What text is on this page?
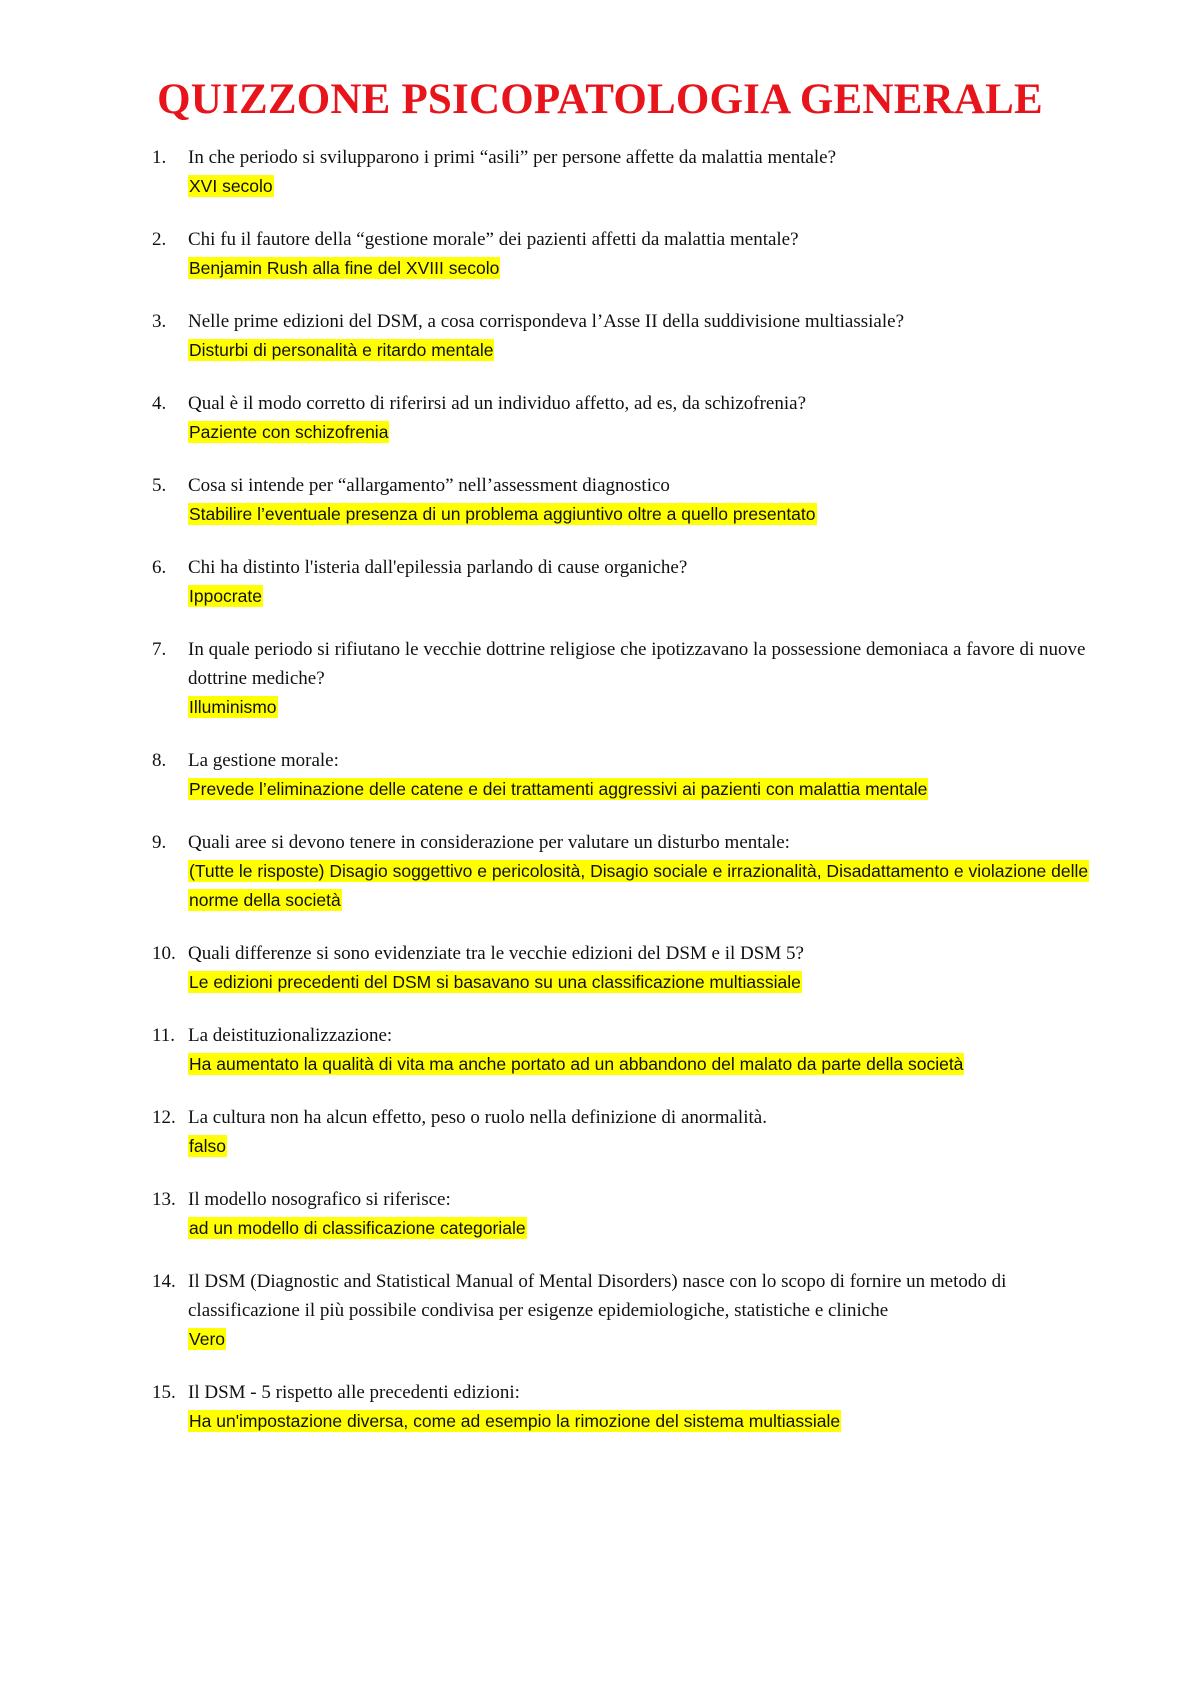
QUIZZONE PSICOPATOLOGIA GENERALE
1.	In che periodo si svilupparono i primi “asili” per persone affette da malattia mentale?
XVI secolo
2.	Chi fu il fautore della “gestione morale” dei pazienti affetti da malattia mentale?
Benjamin Rush alla fine del XVIII secolo
3.	Nelle prime edizioni del DSM, a cosa corrispondeva l’Asse II della suddivisione multiassiale?
Disturbi di personalità e ritardo mentale
4.	Qual è il modo corretto di riferirsi ad un individuo affetto, ad es, da schizofrenia?
Paziente con schizofrenia
5.	Cosa si intende per “allargamento” nell’assessment diagnostico
Stabilire l’eventuale presenza di un problema aggiuntivo oltre a quello presentato
6.	Chi ha distinto l'isteria dall'epilessia parlando di cause organiche?
Ippocrate
7.	In quale periodo si rifiutano le vecchie dottrine religiose che ipotizzavano la possessione demoniaca a favore di nuove dottrine mediche?
Illuminismo
8.	La gestione morale:
Prevede l’eliminazione delle catene e dei trattamenti aggressivi ai pazienti con malattia mentale
9.	Quali aree si devono tenere in considerazione per valutare un disturbo mentale:
(Tutte le risposte) Disagio soggettivo e pericolosità, Disagio sociale e irrazionalità, Disadattamento e violazione delle norme della società
10. Quali differenze si sono evidenziate tra le vecchie edizioni del DSM e il DSM 5?
Le edizioni precedenti del DSM si basavano su una classificazione multiassiale
11. La deistituzionalizzazione:
Ha aumentato la qualità di vita ma anche portato ad un abbandono del malato da parte della società
12. La cultura non ha alcun effetto, peso o ruolo nella definizione di anormalità.
falso
13. Il modello nosografico si riferisce:
ad un modello di classificazione categoriale
14. Il DSM (Diagnostic and Statistical Manual of Mental Disorders) nasce con lo scopo di fornire un metodo di classificazione il più possibile condivisa per esigenze epidemiologiche, statistiche e cliniche
Vero
15. Il DSM - 5 rispetto alle precedenti edizioni:
Ha un'impostazione diversa, come ad esempio la rimozione del sistema multiassiale
